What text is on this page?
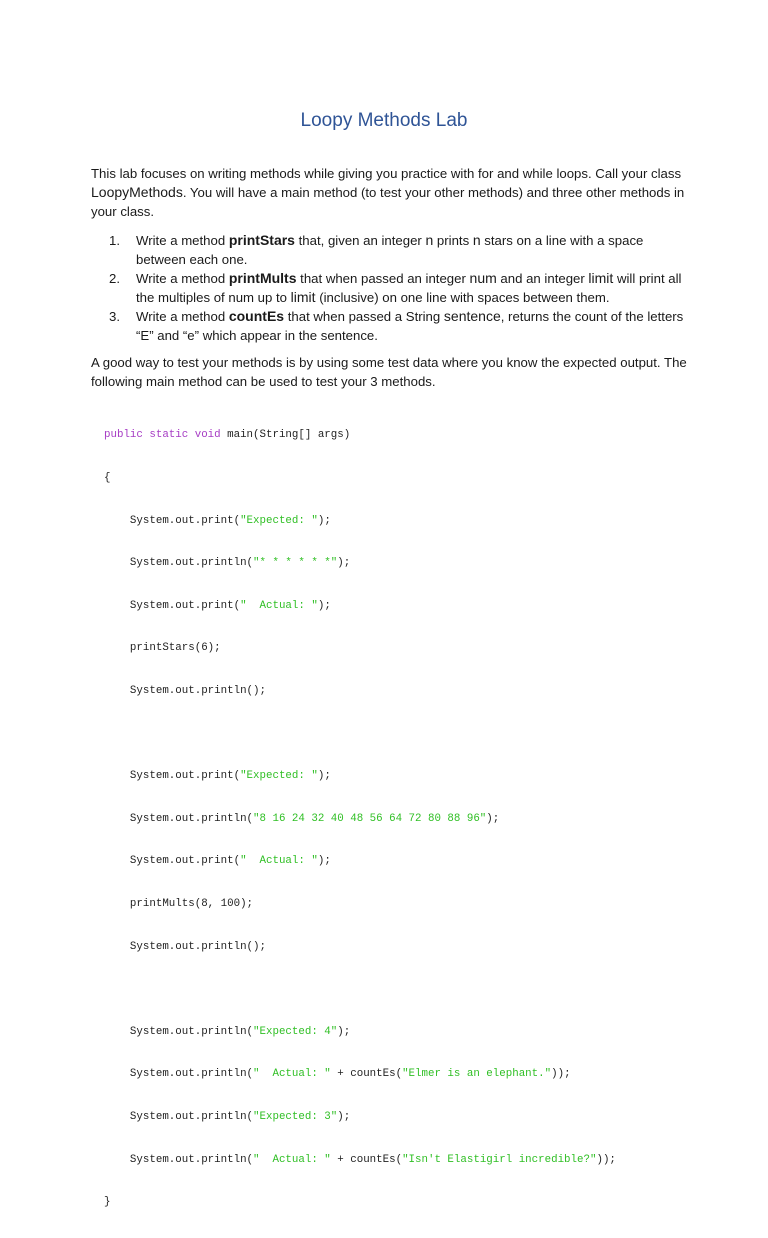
Loopy Methods Lab

This lab focuses on writing methods while giving you practice with for and while loops. Call your class LoopyMethods. You will have a main method (to test your other methods) and three other methods in your class.

1. Write a method printStars that, given an integer n prints n stars on a line with a space between each one.

2. Write a method printMults that when passed an integer num and an integer limit will print all the multiples of num up to limit (inclusive) on one line with spaces between them.

3. Write a method countEs that when passed a String sentence, returns the count of the letters “E” and “e” which appear in the sentence.

A good way to test your methods is by using some test data where you know the expected output. The following main method can be used to test your 3 methods.

public static void main(String[] args)

{

System.out.print("Expected: ");

System.out.println("* * * * * *");

System.out.print("  Actual: ");

printStars(6);

System.out.println();

System.out.print("Expected: ");

System.out.println("8 16 24 32 40 48 56 64 72 80 88 96");

System.out.print("  Actual: ");

printMults(8, 100);

System.out.println();

System.out.println("Expected: 4");

System.out.println("  Actual: " + countEs("Elmer is an elephant."));

System.out.println("Expected: 3");

System.out.println("  Actual: " + countEs("Isn't Elastigirl incredible?"));

}
